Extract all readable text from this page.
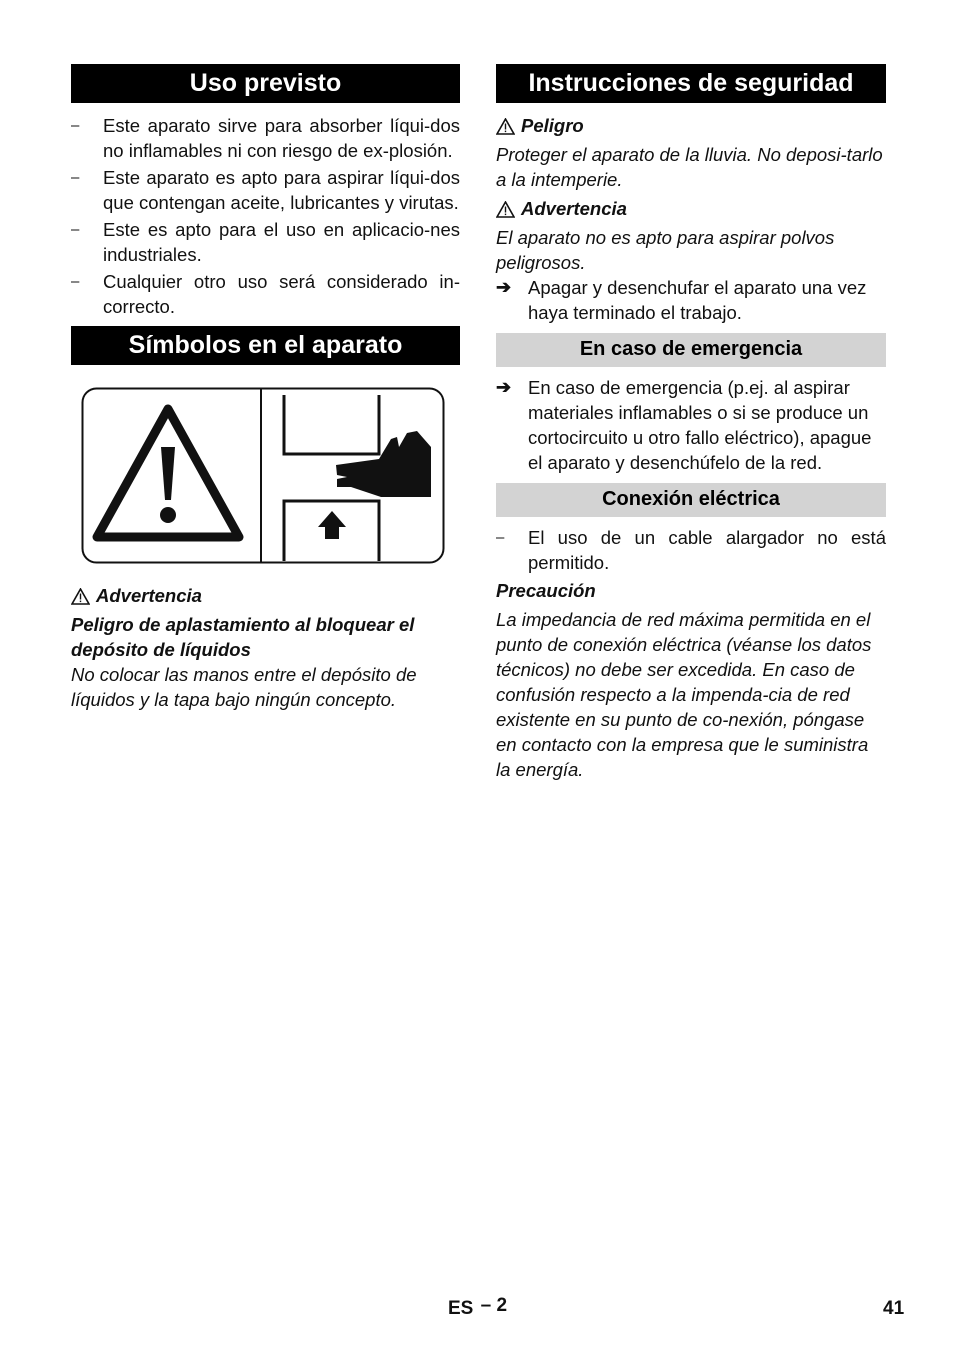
Uso previsto
–	Este aparato sirve para absorber líqui-dos no inflamables ni con riesgo de ex-plosión.
–	Este aparato es apto para aspirar líqui-dos que contengan aceite, lubricantes y virutas.
–	Este es apto para el uso en aplicacio-nes industriales.
–	Cualquier otro uso será considerado in-correcto.
Símbolos en el aparato
Advertencia

Peligro de aplastamiento al bloquear el depósito de líquidos

No colocar las manos entre el depósito de líquidos y la tapa bajo ningún concepto.

Instrucciones de seguridad
Peligro

Proteger el aparato de la lluvia. No deposi-tarlo a la intemperie.

Advertencia

El aparato no es apto para aspirar polvos peligrosos.

➔ Apagar y desenchufar el aparato una vez haya terminado el trabajo.
En caso de emergencia
➔ En caso de emergencia (p.ej. al aspirar materiales inflamables o si se produce un cortocircuito u otro fallo eléctrico), apague el aparato y desenchúfelo de la red.
Conexión eléctrica
–	El uso de un cable alargador no está permitido.

Precaución

La impedancia de red máxima permitida en el punto de conexión eléctrica (véanse los datos técnicos) no debe ser excedida. En caso de confusión respecto a la impenda-cia de red existente en su punto de co-nexión, póngase en contacto con la empresa que le suministra la energía.

ES – 2	41
